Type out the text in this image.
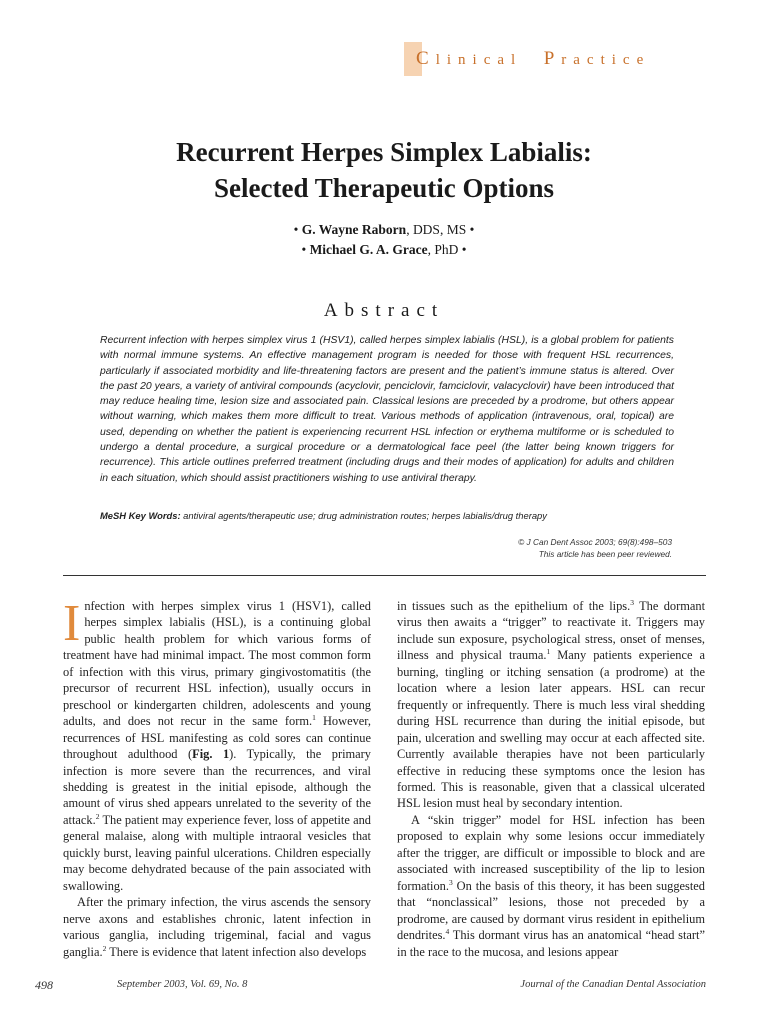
Clinical Practice
Recurrent Herpes Simplex Labialis:
Selected Therapeutic Options
• G. Wayne Raborn, DDS, MS •
• Michael G. A. Grace, PhD •
Abstract
Recurrent infection with herpes simplex virus 1 (HSV1), called herpes simplex labialis (HSL), is a global problem for patients with normal immune systems. An effective management program is needed for those with frequent HSL recurrences, particularly if associated morbidity and life-threatening factors are present and the patient’s immune status is altered. Over the past 20 years, a variety of antiviral compounds (acyclovir, penciclovir, famciclovir, valacyclovir) have been introduced that may reduce healing time, lesion size and associated pain. Classical lesions are preceded by a prodrome, but others appear without warning, which makes them more difficult to treat. Various methods of application (intravenous, oral, topical) are used, depending on whether the patient is experiencing recurrent HSL infection or erythema multiforme or is scheduled to undergo a dental procedure, a surgical procedure or a dermatological face peel (the latter being known triggers for recurrence). This article outlines preferred treatment (including drugs and their modes of application) for adults and children in each situation, which should assist practitioners wishing to use antiviral therapy.
MeSH Key Words: antiviral agents/therapeutic use; drug administration routes; herpes labialis/drug therapy
© J Can Dent Assoc 2003; 69(8):498–503
This article has been peer reviewed.

Infection with herpes simplex virus 1 (HSV1), called herpes simplex labialis (HSL), is a continuing global public health problem for which various forms of treatment have had minimal impact. The most common form of infection with this virus, primary gingivostomatitis (the precursor of recurrent HSL infection), usually occurs in preschool or kindergarten children, adolescents and young adults, and does not recur in the same form.$^1$ However, recurrences of HSL manifesting as cold sores can continue throughout adulthood (Fig. 1). Typically, the primary infection is more severe than the recurrences, and viral shedding is greatest in the initial episode, although the amount of virus shed appears unrelated to the severity of the attack.$^2$ The patient may experience fever, loss of appetite and general malaise, along with multiple intraoral vesicles that quickly burst, leaving painful ulcerations. Children especially may become dehydrated because of the pain associated with swallowing.

After the primary infection, the virus ascends the sensory nerve axons and establishes chronic, latent infection in various ganglia, including trigeminal, facial and vagus ganglia.$^2$ There is evidence that latent infection also develops

in tissues such as the epithelium of the lips.$^3$ The dormant virus then awaits a “trigger” to reactivate it. Triggers may include sun exposure, psychological stress, onset of menses, illness and physical trauma.$^1$ Many patients experience a burning, tingling or itching sensation (a prodrome) at the location where a lesion later appears. HSL can recur frequently or infrequently. There is much less viral shedding during HSL recurrence than during the initial episode, but pain, ulceration and swelling may occur at each affected site. Currently available therapies have not been particularly effective in reducing these symptoms once the lesion has formed. This is reasonable, given that a classical ulcerated HSL lesion must heal by secondary intention.

A “skin trigger” model for HSL infection has been proposed to explain why some lesions occur immediately after the trigger, are difficult or impossible to block and are associated with increased susceptibility of the lip to lesion formation.$^3$ On the basis of this theory, it has been suggested that “nonclassical” lesions, those not preceded by a prodrome, are caused by dormant virus resident in epithelium dendrites.$^4$ This dormant virus has an anatomical “head start” in the race to the mucosa, and lesions appear

498	September 2003, Vol. 69, No. 8	Journal of the Canadian Dental Association
